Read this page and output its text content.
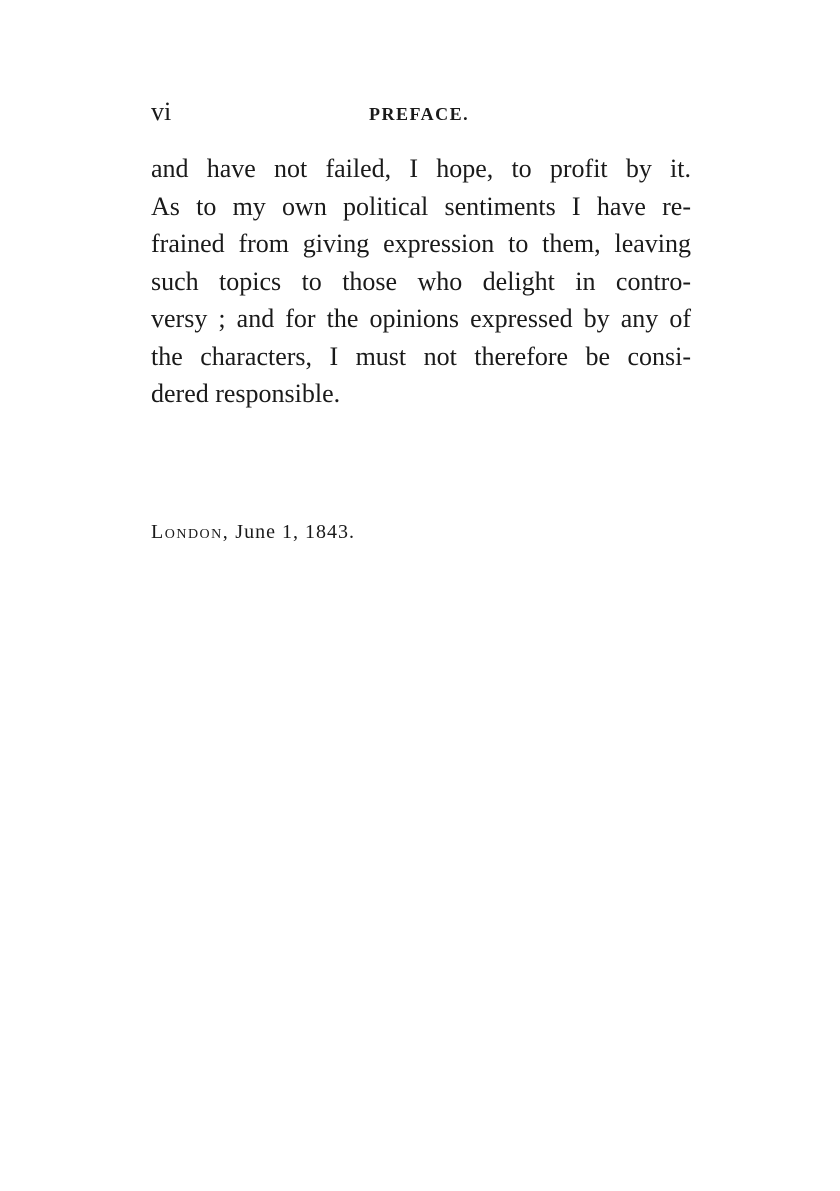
vi	PREFACE.
and have not failed, I hope, to profit by it.
As to my own political sentiments I have re-
frained from giving expression to them, leaving
such topics to those who delight in contro-
versy ; and for the opinions expressed by any of
the characters, I must not therefore be consi-
dered responsible.
London, June 1, 1843.
